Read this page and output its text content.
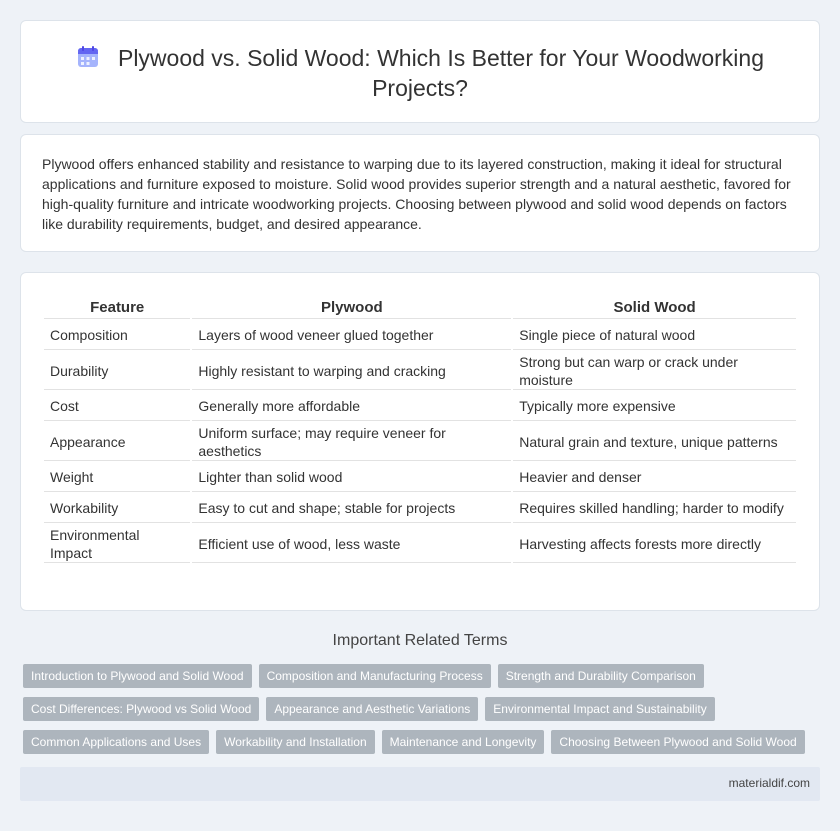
Plywood vs. Solid Wood: Which Is Better for Your Woodworking Projects?

Plywood offers enhanced stability and resistance to warping due to its layered construction, making it ideal for structural applications and furniture exposed to moisture. Solid wood provides superior strength and a natural aesthetic, favored for high-quality furniture and intricate woodworking projects. Choosing between plywood and solid wood depends on factors like durability requirements, budget, and desired appearance.

Feature	Plywood	Solid Wood
Composition	Layers of wood veneer glued together	Single piece of natural wood
Durability	Highly resistant to warping and cracking	Strong but can warp or crack under moisture
Cost	Generally more affordable	Typically more expensive
Appearance	Uniform surface; may require veneer for aesthetics	Natural grain and texture, unique patterns
Weight	Lighter than solid wood	Heavier and denser
Workability	Easy to cut and shape; stable for projects	Requires skilled handling; harder to modify
Environmental Impact	Efficient use of wood, less waste	Harvesting affects forests more directly
Important Related Terms
Introduction to Plywood and Solid Wood	Composition and Manufacturing Process	Strength and Durability Comparison
Cost Differences: Plywood vs Solid Wood	Appearance and Aesthetic Variations	Environmental Impact and Sustainability
Common Applications and Uses	Workability and Installation	Maintenance and Longevity	Choosing Between Plywood and Solid Wood
materialdif.com
